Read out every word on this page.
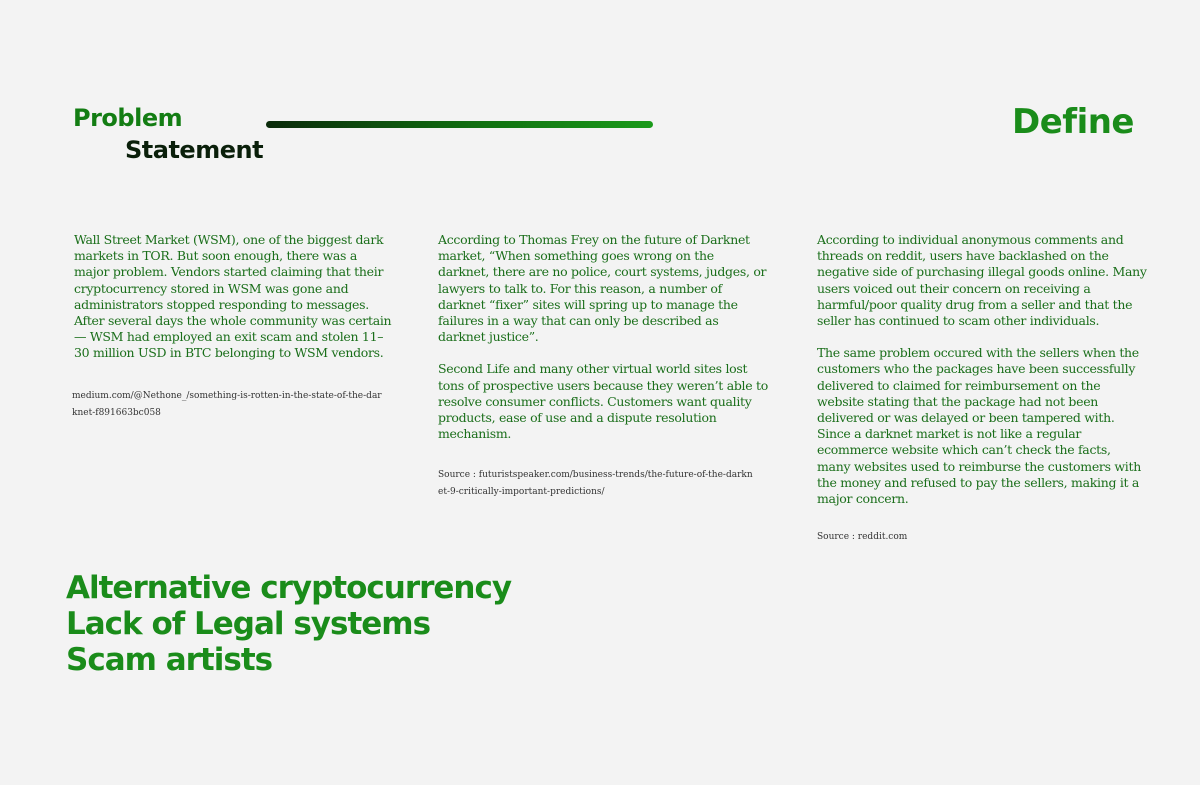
Problem
Statement
Define

Wall Street Market (WSM), one of the biggest dark markets in TOR. But soon enough, there was a major problem. Vendors started claiming that their cryptocurrency stored in WSM was gone and administrators stopped responding to messages. After several days the whole community was certain — WSM had employed an exit scam and stolen 11–30 million USD in BTC belonging to WSM vendors.

medium.com/@Nethone_/something-is-rotten-in-the-state-of-the-darknet-f891663bc058

According to Thomas Frey on the future of Darknet market, “When something goes wrong on the darknet, there are no police, court systems, judges, or lawyers to talk to. For this reason, a number of darknet “fixer” sites will spring up to manage the failures in a way that can only be described as darknet justice”.

Second Life and many other virtual world sites lost tons of prospective users because they weren’t able to resolve consumer conflicts. Customers want quality products, ease of use and a dispute resolution mechanism.

Source : futuristspeaker.com/business-trends/the-future-of-the-darknet-9-critically-important-predictions/

According to individual anonymous comments and threads on reddit, users have backlashed on the negative side of purchasing illegal goods online. Many users voiced out their concern on receiving a harmful/poor quality drug from a seller and that the seller has continued to scam other individuals.

The same problem occured with the sellers when the customers who the packages have been successfully delivered to claimed for reimbursement on the website stating that the package had not been delivered or was delayed or been tampered with. Since a darknet market is not like a regular ecommerce website which can’t check the facts, many websites used to reimburse the customers with the money and refused to pay the sellers, making it a major concern.

Source : reddit.com

Alternative cryptocurrency
Lack of Legal systems
Scam artists
